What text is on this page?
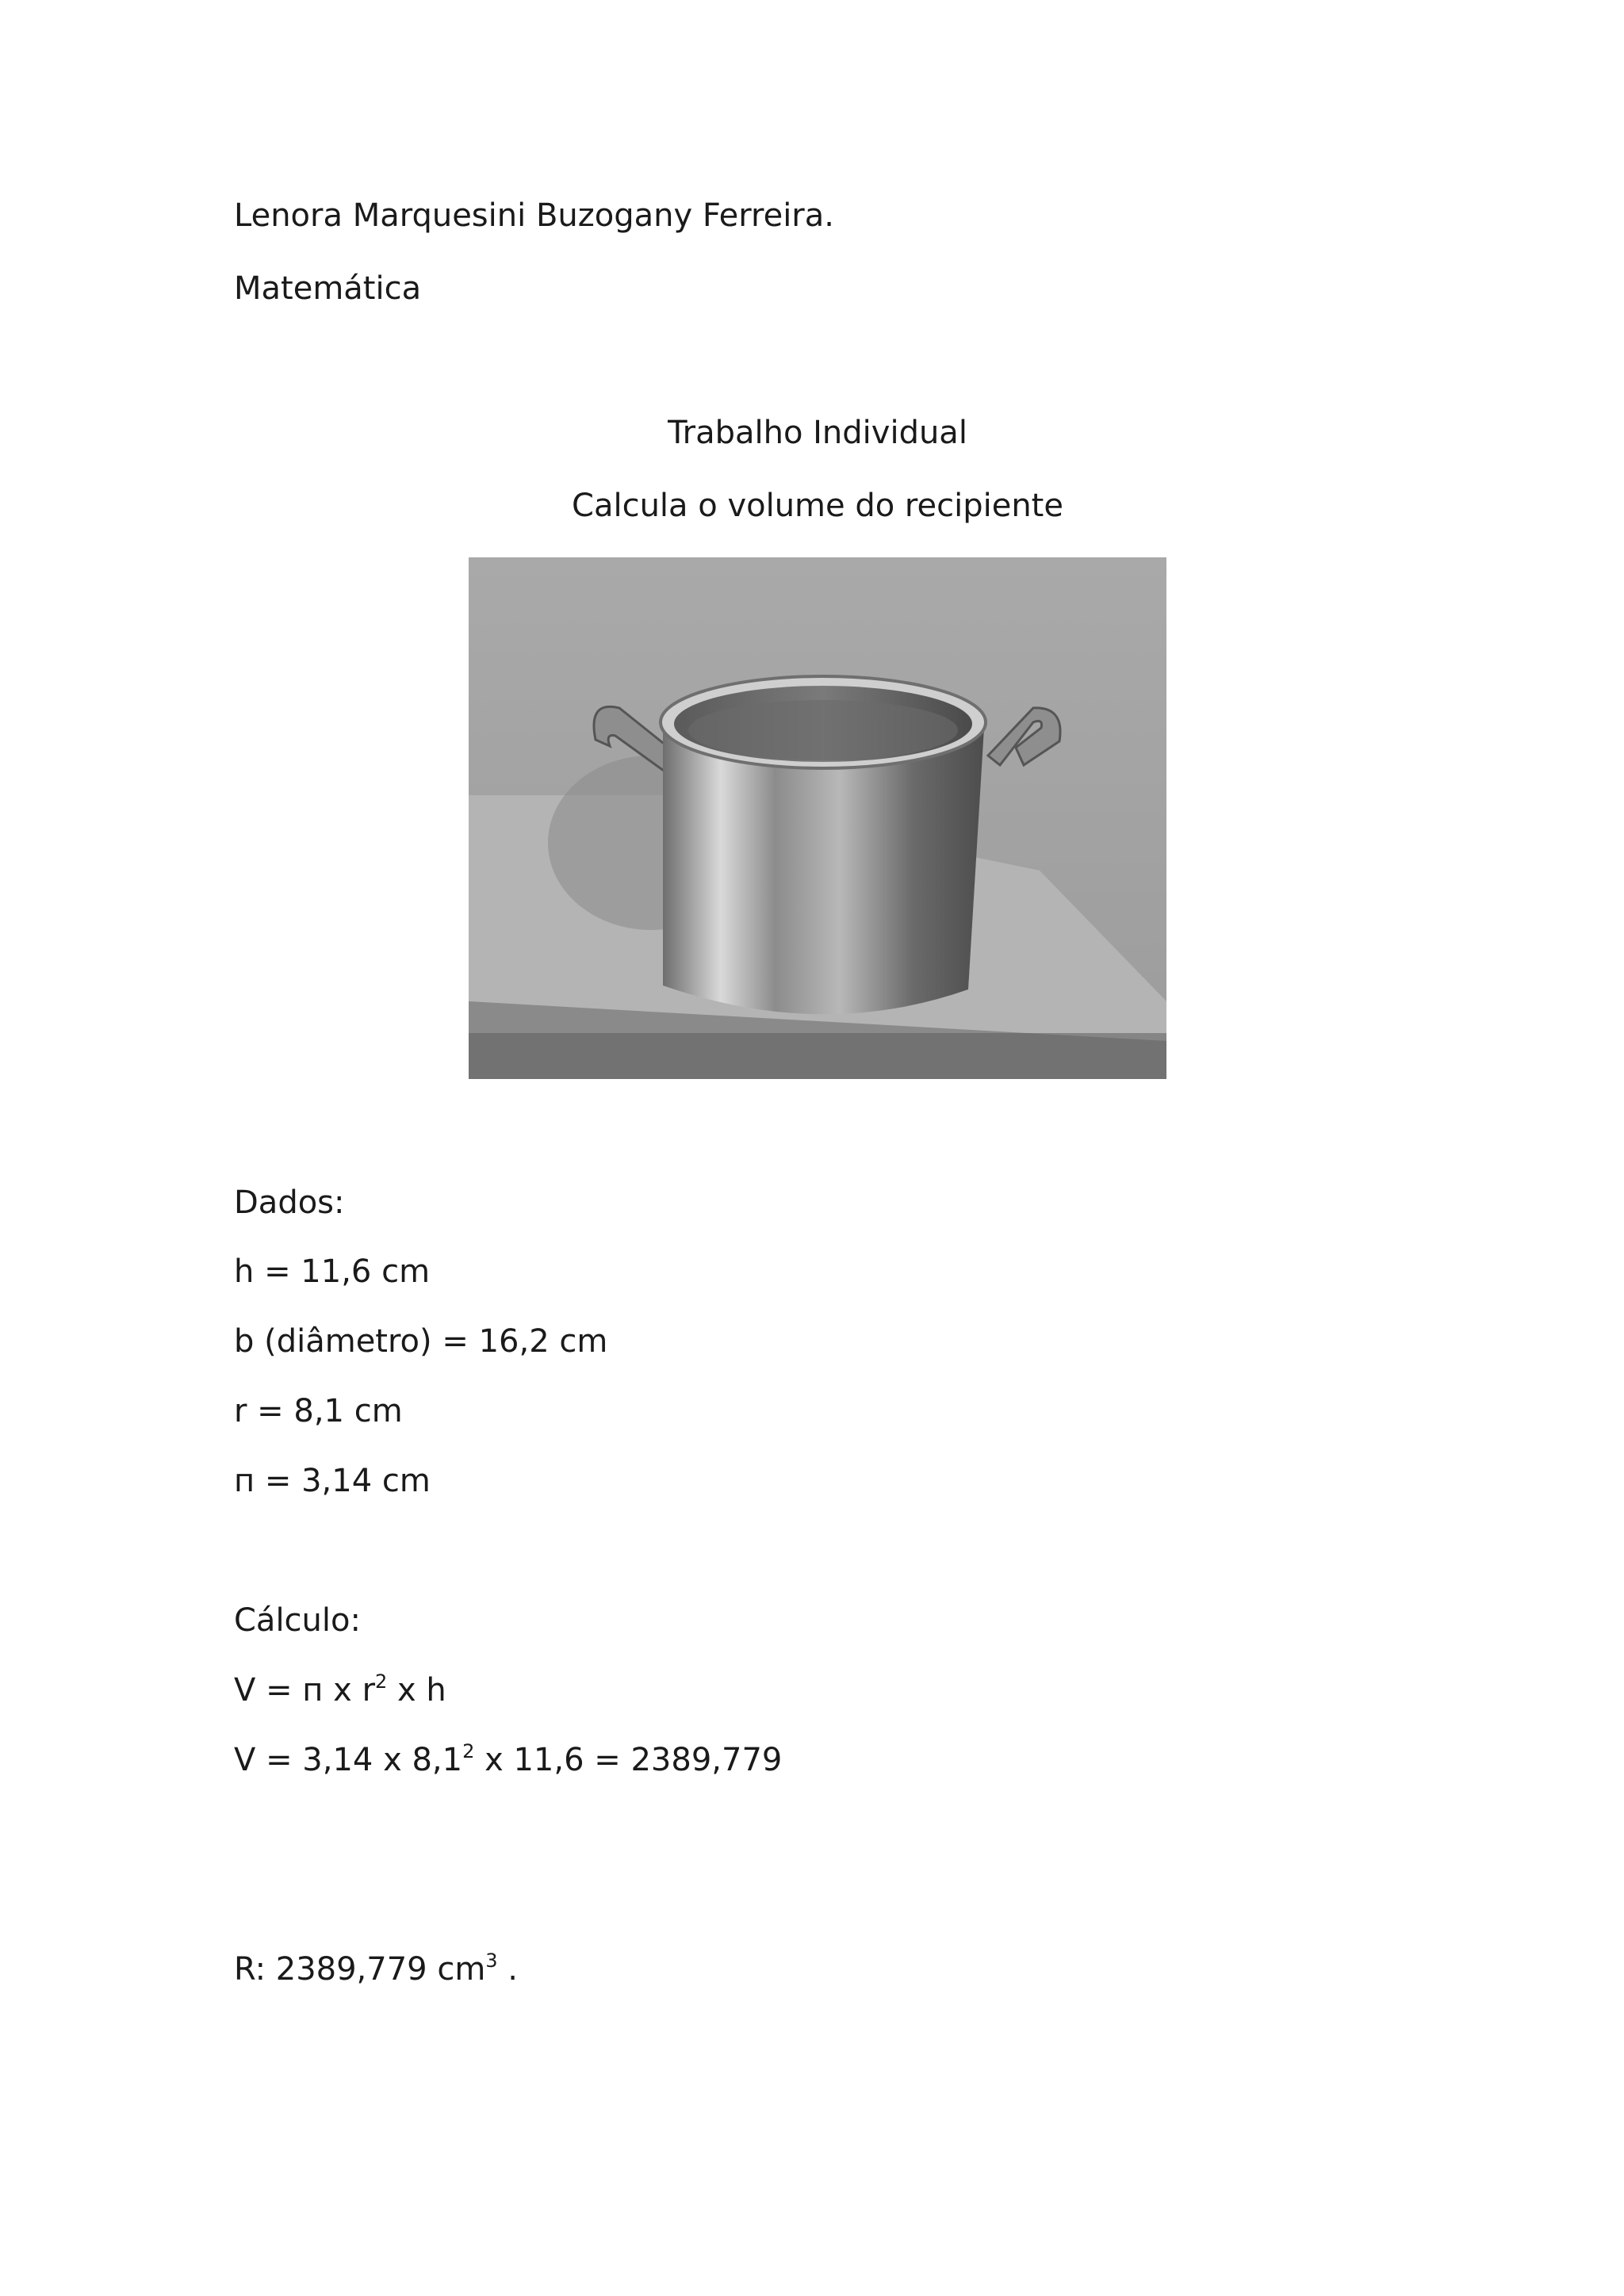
Lenora Marquesini Buzogany Ferreira.
Matemática
Trabalho Individual
Calcula o volume do recipiente
Dados:
h = 11,6 cm
b (diâmetro) = 16,2 cm
r = 8,1 cm
п = 3,14 cm
Cálculo:
V = п x $r^2$ x h
V = 3,14 x $8,1^2$ x 11,6 = 2389,779
R: 2389,779 $cm^3$ .
